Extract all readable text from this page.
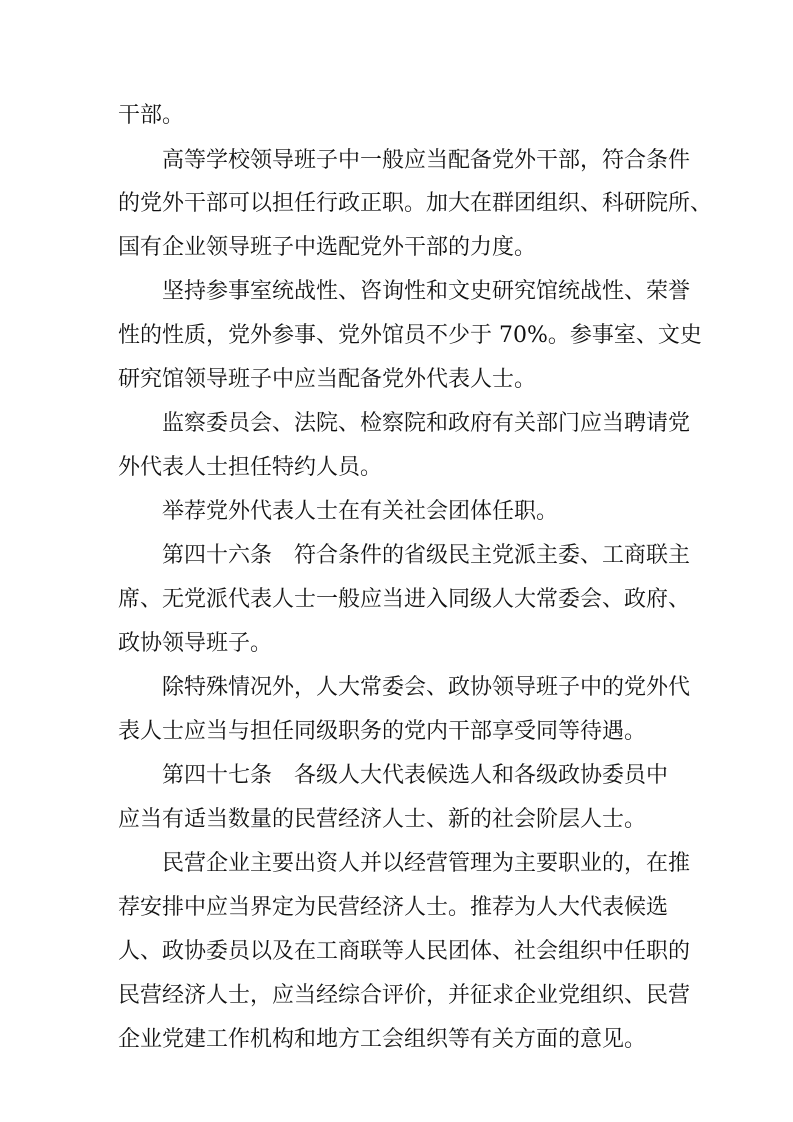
干部。

高等学校领导班子中一般应当配备党外干部，符合条件

的党外干部可以担任行政正职。加大在群团组织、科研院所、

国有企业领导班子中选配党外干部的力度。

坚持参事室统战性、咨询性和文史研究馆统战性、荣誉

性的性质，党外参事、党外馆员不少于 70%。参事室、文史

研究馆领导班子中应当配备党外代表人士。

监察委员会、法院、检察院和政府有关部门应当聘请党

外代表人士担任特约人员。

举荐党外代表人士在有关社会团体任职。

第四十六条　符合条件的省级民主党派主委、工商联主

席、无党派代表人士一般应当进入同级人大常委会、政府、

政协领导班子。

除特殊情况外，人大常委会、政协领导班子中的党外代

表人士应当与担任同级职务的党内干部享受同等待遇。

第四十七条　各级人大代表候选人和各级政协委员中

应当有适当数量的民营经济人士、新的社会阶层人士。

民营企业主要出资人并以经营管理为主要职业的，在推

荐安排中应当界定为民营经济人士。推荐为人大代表候选

人、政协委员以及在工商联等人民团体、社会组织中任职的

民营经济人士，应当经综合评价，并征求企业党组织、民营

企业党建工作机构和地方工会组织等有关方面的意见。
